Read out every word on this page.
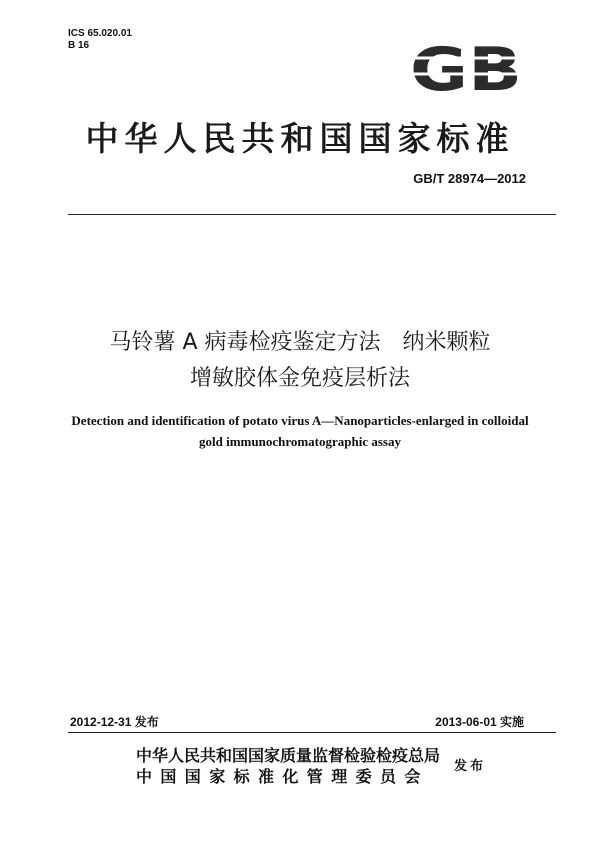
ICS 65.020.01
B 16	GB
中华人民共和国国家标准
GB/T 28974—2012
马铃薯 A 病毒检疫鉴定方法　纳米颗粒
增敏胶体金免疫层析法
Detection and identification of potato virus A—Nanoparticles-enlarged in colloidal
gold immunochromatographic assay
2012-12-31 发布	2013-06-01 实施
中华人民共和国国家质量监督检验检疫总局
中国国家标准化管理委员会
发布
